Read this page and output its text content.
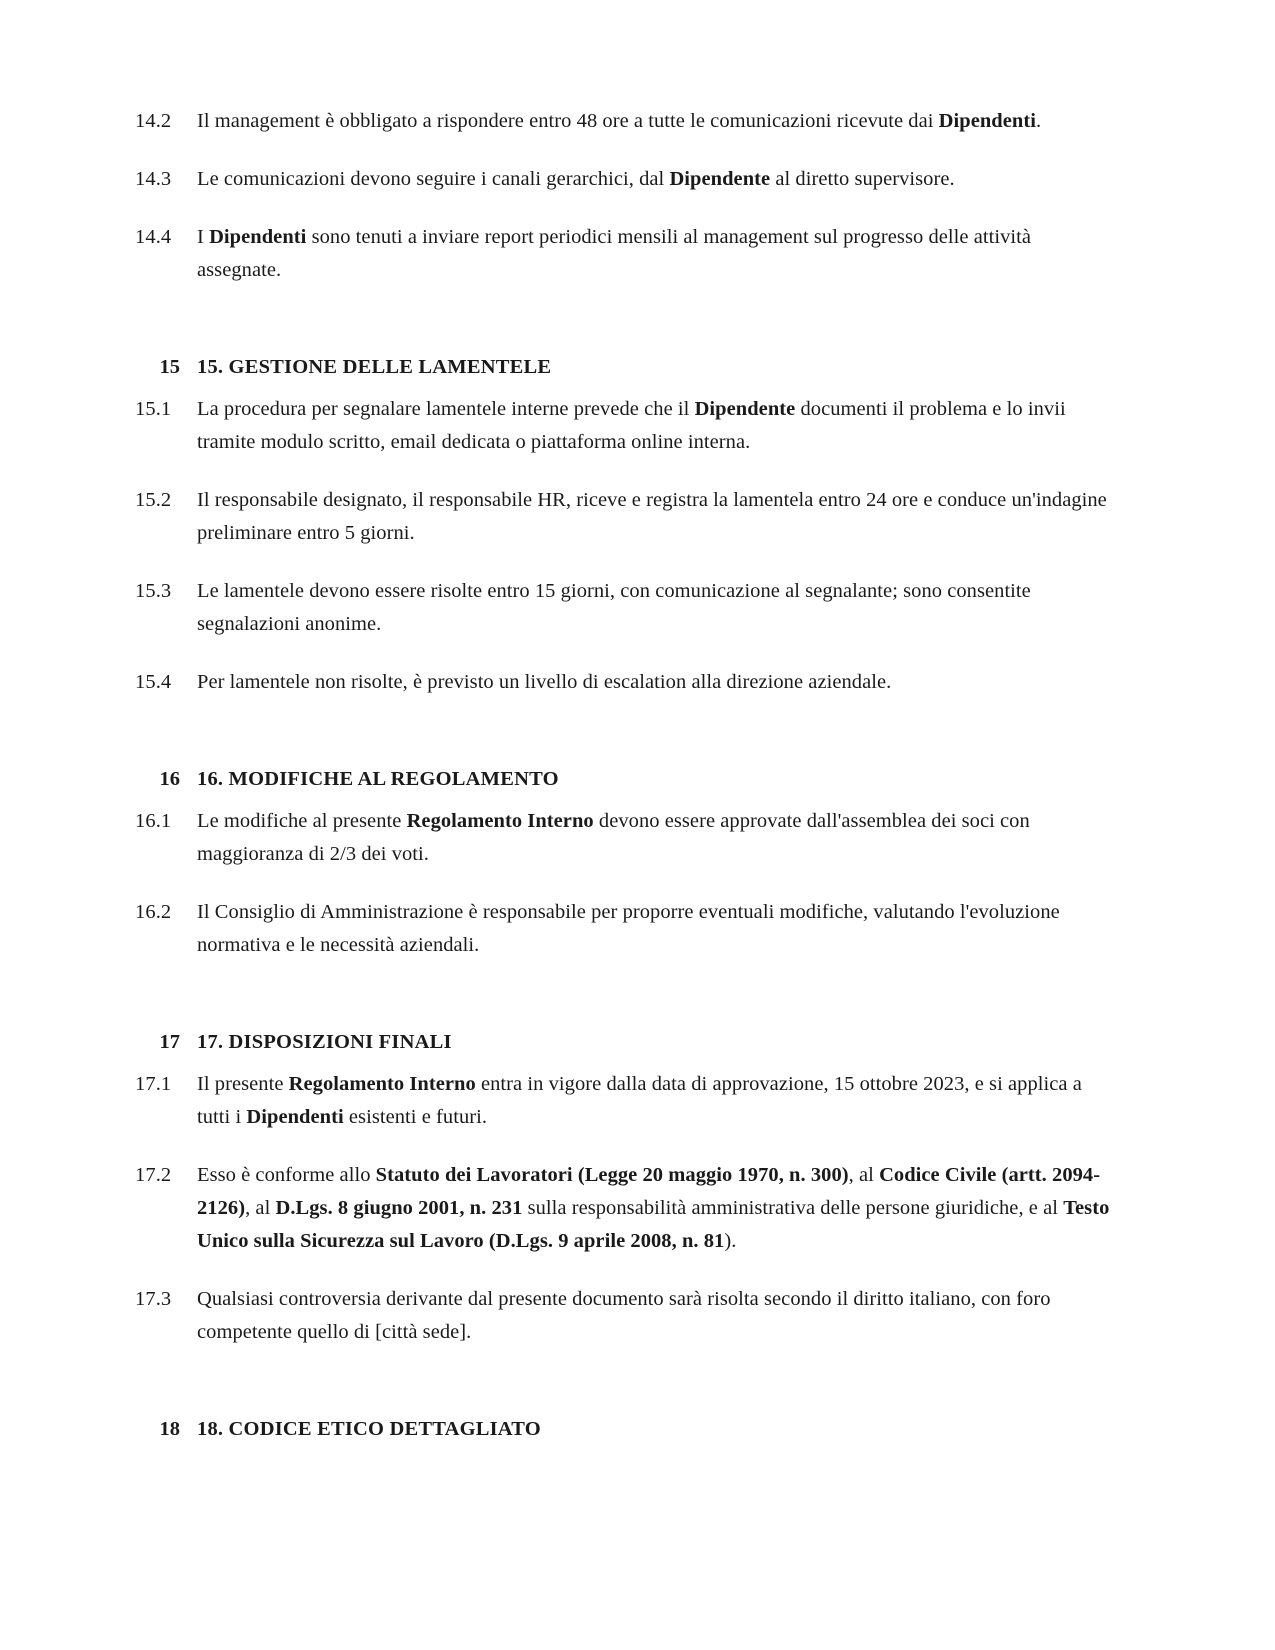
14.2	Il management è obbligato a rispondere entro 48 ore a tutte le comunicazioni ricevute dai Dipendenti.
14.3	Le comunicazioni devono seguire i canali gerarchici, dal Dipendente al diretto supervisore.
14.4	I Dipendenti sono tenuti a inviare report periodici mensili al management sul progresso delle attività assegnate.
15 15. GESTIONE DELLE LAMENTELE
15.1	La procedura per segnalare lamentele interne prevede che il Dipendente documenti il problema e lo invii tramite modulo scritto, email dedicata o piattaforma online interna.
15.2	Il responsabile designato, il responsabile HR, riceve e registra la lamentela entro 24 ore e conduce un'indagine preliminare entro 5 giorni.
15.3	Le lamentele devono essere risolte entro 15 giorni, con comunicazione al segnalante; sono consentite segnalazioni anonime.
15.4	Per lamentele non risolte, è previsto un livello di escalation alla direzione aziendale.
16 16. MODIFICHE AL REGOLAMENTO
16.1	Le modifiche al presente Regolamento Interno devono essere approvate dall'assemblea dei soci con maggioranza di 2/3 dei voti.
16.2	Il Consiglio di Amministrazione è responsabile per proporre eventuali modifiche, valutando l'evoluzione normativa e le necessità aziendali.
17 17. DISPOSIZIONI FINALI
17.1	Il presente Regolamento Interno entra in vigore dalla data di approvazione, 15 ottobre 2023, e si applica a tutti i Dipendenti esistenti e futuri.
17.2	Esso è conforme allo Statuto dei Lavoratori (Legge 20 maggio 1970, n. 300), al Codice Civile (artt. 2094-2126), al D.Lgs. 8 giugno 2001, n. 231 sulla responsabilità amministrativa delle persone giuridiche, e al Testo Unico sulla Sicurezza sul Lavoro (D.Lgs. 9 aprile 2008, n. 81).
17.3	Qualsiasi controversia derivante dal presente documento sarà risolta secondo il diritto italiano, con foro competente quello di [città sede].
18 18. CODICE ETICO DETTAGLIATO
